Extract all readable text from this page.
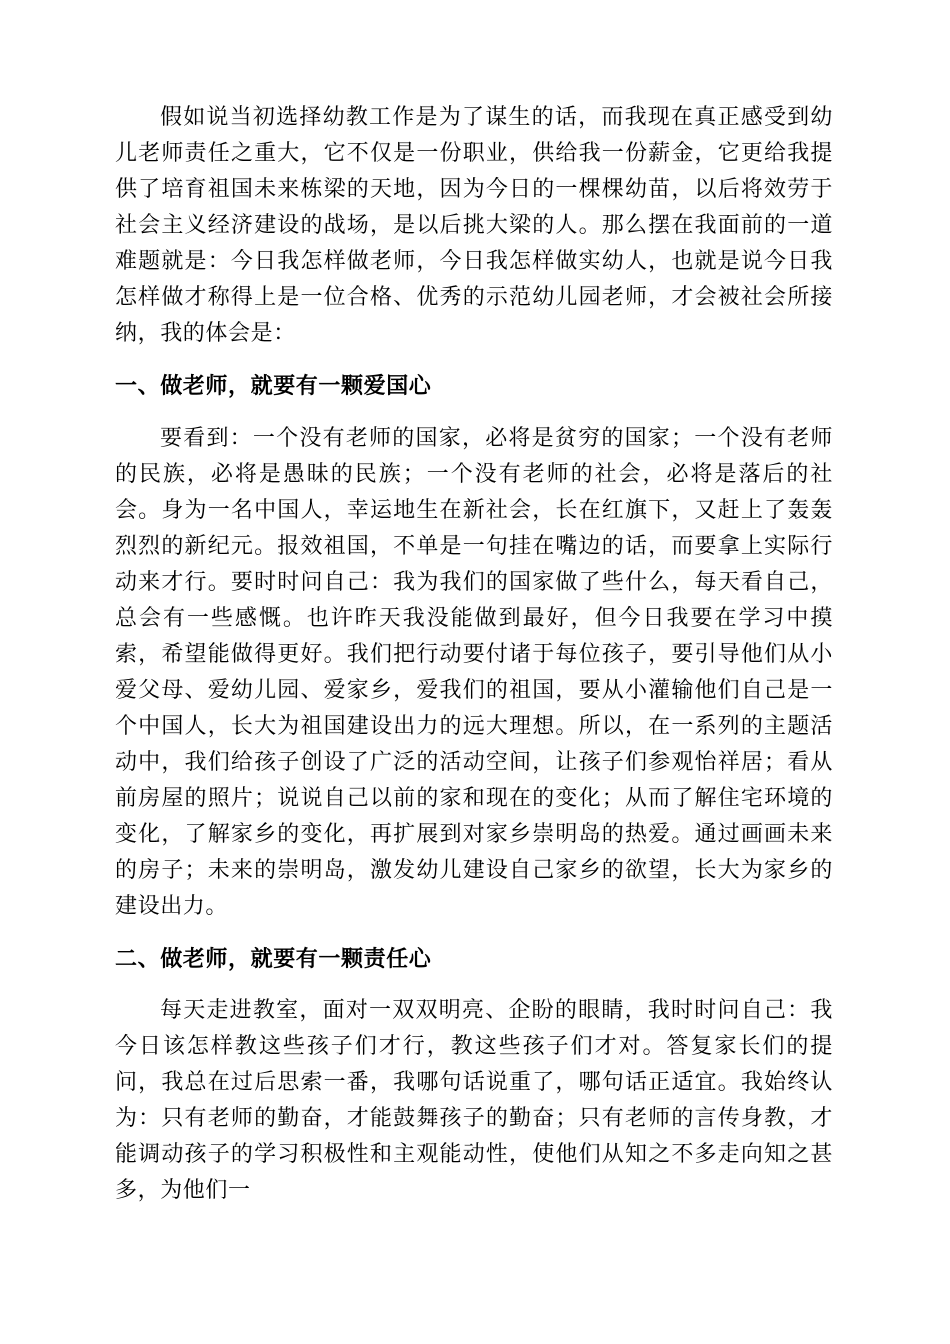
假如说当初选择幼教工作是为了谋生的话，而我现在真正感受到幼儿老师责任之重大，它不仅是一份职业，供给我一份薪金，它更给我提供了培育祖国未来栋梁的天地，因为今日的一棵棵幼苗，以后将效劳于社会主义经济建设的战场，是以后挑大梁的人。那么摆在我面前的一道难题就是：今日我怎样做老师，今日我怎样做实幼人，也就是说今日我怎样做才称得上是一位合格、优秀的示范幼儿园老师，才会被社会所接纳，我的体会是：

一、做老师，就要有一颗爱国心

要看到：一个没有老师的国家，必将是贫穷的国家；一个没有老师的民族，必将是愚昧的民族；一个没有老师的社会，必将是落后的社会。身为一名中国人，幸运地生在新社会，长在红旗下，又赶上了轰轰烈烈的新纪元。报效祖国，不单是一句挂在嘴边的话，而要拿上实际行动来才行。要时时问自己：我为我们的国家做了些什么，每天看自己，总会有一些感慨。也许昨天我没能做到最好，但今日我要在学习中摸索，希望能做得更好。我们把行动要付诸于每位孩子，要引导他们从小爱父母、爱幼儿园、爱家乡，爱我们的祖国，要从小灌输他们自己是一个中国人，长大为祖国建设出力的远大理想。所以，在一系列的主题活动中，我们给孩子创设了广泛的活动空间，让孩子们参观怡祥居；看从前房屋的照片；说说自己以前的家和现在的变化；从而了解住宅环境的变化，了解家乡的变化，再扩展到对家乡崇明岛的热爱。通过画画未来的房子；未来的崇明岛，激发幼儿建设自己家乡的欲望，长大为家乡的建设出力。

二、做老师，就要有一颗责任心

每天走进教室，面对一双双明亮、企盼的眼睛，我时时问自己：我今日该怎样教这些孩子们才行，教这些孩子们才对。答复家长们的提问，我总在过后思索一番，我哪句话说重了，哪句话正适宜。我始终认为：只有老师的勤奋，才能鼓舞孩子的勤奋；只有老师的言传身教，才能调动孩子的学习积极性和主观能动性，使他们从知之不多走向知之甚多，为他们一
